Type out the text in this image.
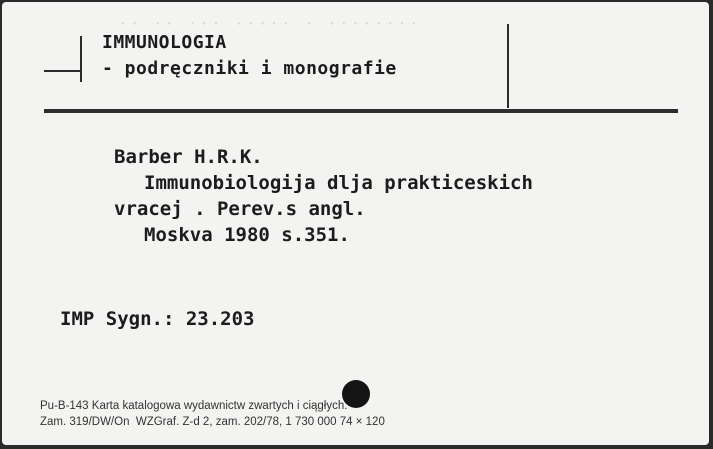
·· ·· ··· ····· · ········
IMMUNOLOGIA
- podręczniki i monografie
Barber H.R.K.
Immunobiologija dlja prakticeskich
vracej . Perev.s angl.
Moskva 1980 s.351.
IMP Sygn.: 23.203
Pu-B-143 Karta katalogowa wydawnictw zwartych i ciągłych.
Zam. 319/DW/On  WZGraf. Z-d 2, zam. 202/78, 1 730 000 74 × 120
